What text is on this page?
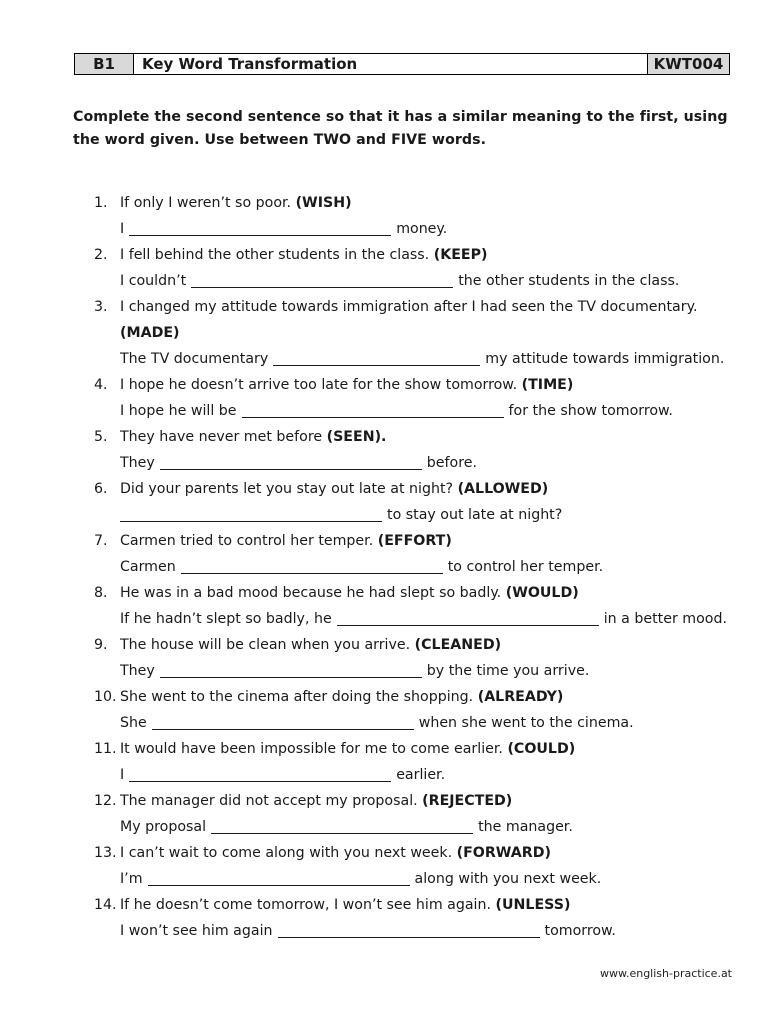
B1	Key Word Transformation	KWT004
Complete the second sentence so that it has a similar meaning to the first, using the word given. Use between TWO and FIVE words.
1. If only I weren’t so poor. (WISH)
I	money.
2. I fell behind the other students in the class. (KEEP)
I couldn’t	the other students in the class.
3. I changed my attitude towards immigration after I had seen the TV documentary.
(MADE)
The TV documentary	my attitude towards immigration.
4. I hope he doesn’t arrive too late for the show tomorrow. (TIME)
I hope he will be	for the show tomorrow.
5. They have never met before (SEEN).
They	before.
6. Did your parents let you stay out late at night? (ALLOWED)
to stay out late at night?
7. Carmen tried to control her temper. (EFFORT)
Carmen	to control her temper.
8. He was in a bad mood because he had slept so badly. (WOULD)
If he hadn’t slept so badly, he	in a better mood.
9. The house will be clean when you arrive. (CLEANED)
They	by the time you arrive.
10. She went to the cinema after doing the shopping. (ALREADY)
She	when she went to the cinema.
11. It would have been impossible for me to come earlier. (COULD)
I	earlier.
12. The manager did not accept my proposal. (REJECTED)
My proposal	the manager.
13. I can’t wait to come along with you next week. (FORWARD)
I’m	along with you next week.
14. If he doesn’t come tomorrow, I won’t see him again. (UNLESS)
I won’t see him again	tomorrow.
www.english-practice.at
